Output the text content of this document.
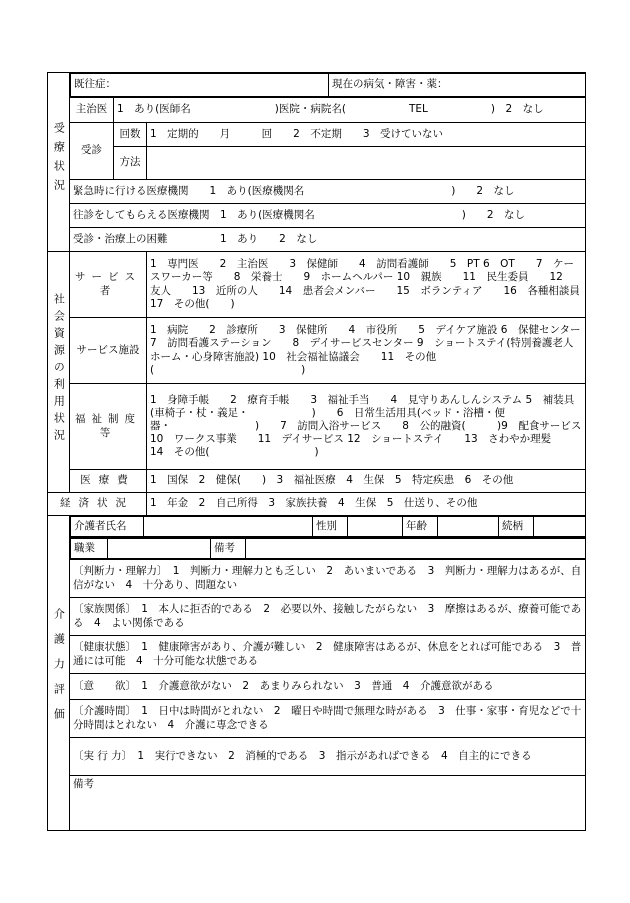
受療状況	
既往症：	現在の病気・障害・薬：

主治医	1　あり(医師名　　　　　　　　)医院・病院名(　　　　　　TEL　　　　　　)　2　なし
受診	回数	1　定期的　　月　　　回　　2　不定期　　3　受けていない
方法	
緊急時に行ける医療機関　　1　あり(医療機関名　　　　　　　　　　　　　　)　　2　なし
往診をしてもらえる医療機関　1　あり(医療機関名　　　　　　　　　　　　　　)　　2　なし
受診・治療上の困難　　　　　1　あり　　2　なし
社会資源の利用状況	サービス者	1　専門医　　2　主治医　　3　保健師　　4　訪問看護師　　5　PT 6　OT　　7　ケースワーカー等　　8　栄養士　　9　ホームヘルパー 10　親族　　11　民生委員　　12　友人　　13　近所の人　　14　患者会メンバー　　15　ボランティア　　16　各種相談員　　17　その他(　　)
サービス施設	1　病院　　2　診療所　　3　保健所　　4　市役所　　5　デイケア施設 6　保健センター　　7　訪問看護ステーション　　8　デイサービスセンター 9　ショートステイ(特別養護老人ホーム・心身障害施設) 10　社会福祉協議会　　11　その他(　　　　　　　　　　　　　　)
福祉制度等	1　身障手帳　　2　療育手帳　　3　福祉手当　　4　見守りあんしんシステム 5　補装具(車椅子・杖・義足・　　　　　　)　　6　日常生活用具(ベッド・浴槽・便器・　　　　　　　　)　　7　訪問入浴サービス　　8　公的融資(　　　)9　配食サービス　　10　ワークス事業　　11　デイサービス 12　ショートステイ　　13　さわやか理髪　　14　その他(　　　　　　　　　　)
医療費	1　国保　2　健保(　　)　3　福祉医療　4　生保　5　特定疾患　6　その他
経済状況	1　年金　2　自己所得　3　家族扶養　4　生保　5　仕送り、その他
介護力評価	
介護者氏名		性別		年齢		続柄	

職業		備考	

〔判断力・理解力〕　1　判断力・理解力とも乏しい　2　あいまいである　3　判断力・理解力はあるが、自信がない　4　十分あり、問題ない
〔家族関係〕　1　本人に拒否的である　2　必要以外、接触したがらない　3　摩擦はあるが、療養可能である　4　よい関係である
〔健康状態〕　1　健康障害があり、介護が難しい　2　健康障害はあるが、休息をとれば可能である　3　普通には可能　4　十分可能な状態である
〔意　　欲〕　 1　介護意欲がない　2　あまりみられない　3　普通　4　介護意欲がある
〔介護時間〕　1　日中は時間がとれない　2　曜日や時間で無理な時がある　3　仕事・家事・育児などで十分時間はとれない　4　介護に専念できる
〔実 行 力〕　1　実行できない　2　消極的である　3　指示があればできる　4　自主的にできる
備考
